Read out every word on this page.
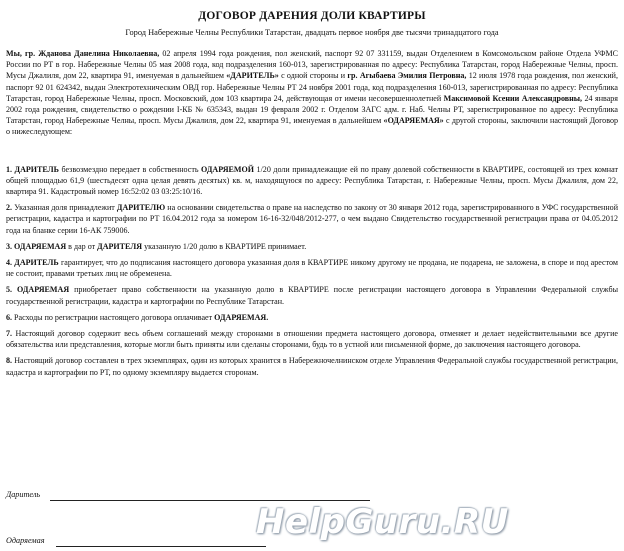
ДОГОВОР ДАРЕНИЯ ДОЛИ КВАРТИРЫ
Город Набережные Челны Республики Татарстан, двадцать первое ноября две тысячи тринадцатого года

Мы, гр. Жданова Данелина Николаевна, 02 апреля 1994 года рождения, пол женский, паспорт 92 07 331159, выдан Отделением в Комсомольском районе Отдела УФМС России по РТ в гор. Набережные Челны 05 мая 2008 года, код подразделения 160-013, зарегистрированная по адресу: Республика Татарстан, город Набережные Челны, просп. Мусы Джалиля, дом 22, квартира 91, именуемая в дальнейшем «ДАРИТЕЛЬ» с одной стороны и гр. Агыбаева Эмилия Петровна, 12 июля 1978 года рождения, пол женский, паспорт 92 01 624342, выдан Электротехническим ОВД гор. Набережные Челны РТ 24 ноября 2001 года, код подразделения 160-013, зарегистрированная по адресу: Республика Татарстан, город Набережные Челны, просп. Московский, дом 103 квартира 24, действующая от имени несовершеннолетней Максимовой Ксении Александровны, 24 января 2002 года рождения, свидетельство о рождении I-КБ № 635343, выдан 19 февраля 2002 г. Отделом ЗАГС адм. г. Наб. Челны РТ, зарегистрированное по адресу: Республика Татарстан, город Набережные Челны, просп. Мусы Джалиля, дом 22, квартира 91, именуемая в дальнейшем «ОДАРЯЕМАЯ» с другой стороны, заключили настоящий Договор о нижеследующем:

1. ДАРИТЕЛЬ безвозмездно передает в собственность ОДАРЯЕМОЙ 1/20 доли принадлежащие ей по праву долевой собственности в КВАРТИРЕ, состоящей из трех комнат общей площадью 61,9 (шестьдесят одна целая девять десятых) кв. м, находящуюся по адресу: Республика Татарстан, г. Набережные Челны, просп. Мусы Джалиля, дом 22, квартира 91. Кадастровый номер 16:52:02 03 03:25:10/16.

2. Указанная доля принадлежит ДАРИТЕЛЮ на основании свидетельства о праве на наследство по закону от 30 января 2012 года, зарегистрированного в УФС государственной регистрации, кадастра и картографии по РТ 16.04.2012 года за номером 16-16-32/048/2012-277, о чем выдано Свидетельство государственной регистрации права от 04.05.2012 года на бланке серии 16-АК 759006.

3. ОДАРЯЕМАЯ в дар от ДАРИТЕЛЯ указанную 1/20 долю в КВАРТИРЕ принимает.

4. ДАРИТЕЛЬ гарантирует, что до подписания настоящего договора указанная доля в КВАРТИРЕ никому другому не продана, не подарена, не заложена, в споре и под арестом не состоит, правами третьих лиц не обременена.

5. ОДАРЯЕМАЯ приобретает право собственности на указанную долю в КВАРТИРЕ после регистрации настоящего договора в Управлении Федеральной службы государственной регистрации, кадастра и картографии по Республике Татарстан.

6. Расходы по регистрации настоящего договора оплачивает ОДАРЯЕМАЯ.

7. Настоящий договор содержит весь объем соглашений между сторонами в отношении предмета настоящего договора, отменяет и делает недействительными все другие обязательства или представления, которые могли быть приняты или сделаны сторонами, будь то в устной или письменной форме, до заключения настоящего договора.

8. Настоящий договор составлен в трех экземплярах, один из которых хранится в Набережночелнинском отделе Управления Федеральной службы государственной регистрации, кадастра и картографии по РТ, по одному экземпляру выдается сторонам.

Даритель
Одаряемая	HelpGuru.RU
